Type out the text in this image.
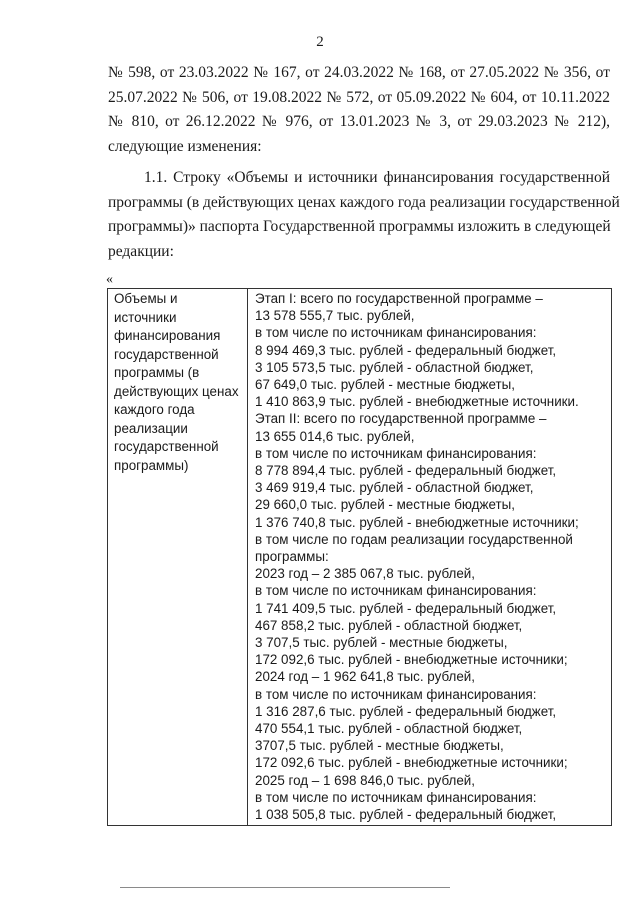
2
№ 598, от 23.03.2022 № 167, от 24.03.2022 № 168, от 27.05.2022 № 356, от
25.07.2022 № 506, от 19.08.2022 № 572, от 05.09.2022 № 604, от 10.11.2022
№ 810, от 26.12.2022 № 976, от 13.01.2023 № 3, от 29.03.2023 № 212),
следующие изменения:
1.1. Строку «Объемы и источники финансирования государственной
программы (в действующих ценах каждого года реализации государственной
программы)» паспорта Государственной программы изложить в следующей
редакции:
«
Объемы и
источники
финансирования
государственной
программы (в
действующих ценах
каждого года
реализации
государственной
программы)
Этап I: всего по государственной программе –
13 578 555,7 тыс. рублей,
в том числе по источникам финансирования:
8 994 469,3 тыс. рублей - федеральный бюджет,
3 105 573,5 тыс. рублей - областной бюджет,
67 649,0 тыс. рублей - местные бюджеты,
1 410 863,9 тыс. рублей - внебюджетные источники.
Этап II: всего по государственной программе –
13 655 014,6 тыс. рублей,
в том числе по источникам финансирования:
8 778 894,4 тыс. рублей - федеральный бюджет,
3 469 919,4 тыс. рублей - областной бюджет,
29 660,0 тыс. рублей - местные бюджеты,
1 376 740,8 тыс. рублей - внебюджетные источники;
в том числе по годам реализации государственной
программы:
2023 год – 2 385 067,8 тыс. рублей,
в том числе по источникам финансирования:
1 741 409,5 тыс. рублей - федеральный бюджет,
467 858,2 тыс. рублей - областной бюджет,
3 707,5 тыс. рублей - местные бюджеты,
172 092,6 тыс. рублей - внебюджетные источники;
2024 год – 1 962 641,8 тыс. рублей,
в том числе по источникам финансирования:
1 316 287,6 тыс. рублей - федеральный бюджет,
470 554,1 тыс. рублей - областной бюджет,
3707,5 тыс. рублей - местные бюджеты,
172 092,6 тыс. рублей - внебюджетные источники;
2025 год – 1 698 846,0 тыс. рублей,
в том числе по источникам финансирования:
1 038 505,8 тыс. рублей - федеральный бюджет,
